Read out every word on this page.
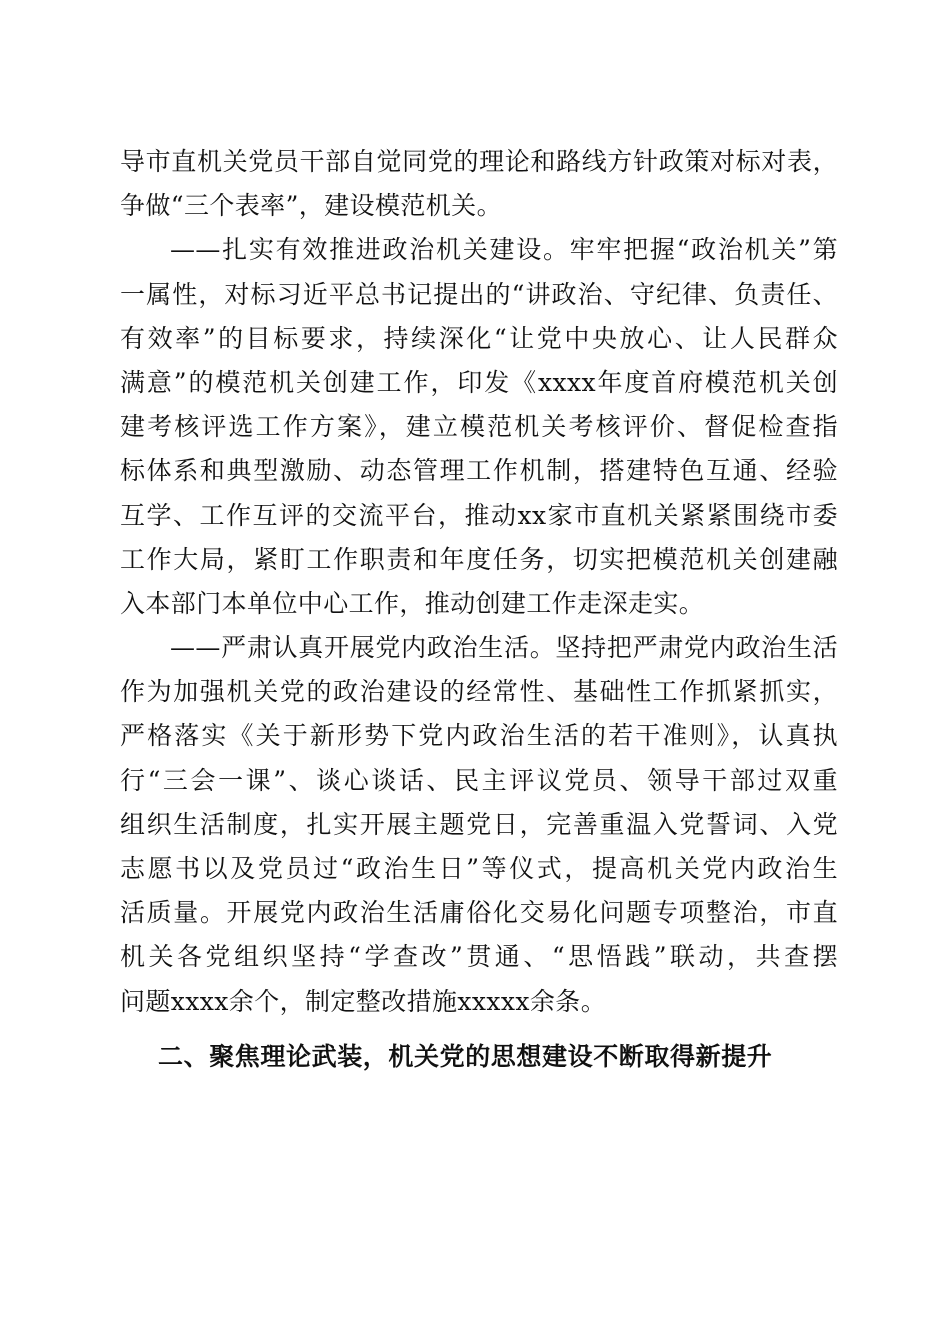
导市直机关党员干部自觉同党的理论和路线方针政策对标对表，
争做“三个表率”，建设模范机关。
——扎实有效推进政治机关建设。牢牢把握“政治机关”第
一属性，对标习近平总书记提出的“讲政治、守纪律、负责任、
有效率”的目标要求，持续深化“让党中央放心、让人民群众
满意”的模范机关创建工作，印发《xxxx年度首府模范机关创
建考核评选工作方案》，建立模范机关考核评价、督促检查指
标体系和典型激励、动态管理工作机制，搭建特色互通、经验
互学、工作互评的交流平台，推动xx家市直机关紧紧围绕市委
工作大局，紧盯工作职责和年度任务，切实把模范机关创建融
入本部门本单位中心工作，推动创建工作走深走实。
——严肃认真开展党内政治生活。坚持把严肃党内政治生活
作为加强机关党的政治建设的经常性、基础性工作抓紧抓实，
严格落实《关于新形势下党内政治生活的若干准则》，认真执
行“三会一课”、谈心谈话、民主评议党员、领导干部过双重
组织生活制度，扎实开展主题党日，完善重温入党誓词、入党
志愿书以及党员过“政治生日”等仪式，提高机关党内政治生
活质量。开展党内政治生活庸俗化交易化问题专项整治，市直
机关各党组织坚持“学查改”贯通、“思悟践”联动，共查摆
问题xxxx余个，制定整改措施xxxxx余条。
二、聚焦理论武装，机关党的思想建设不断取得新提升
